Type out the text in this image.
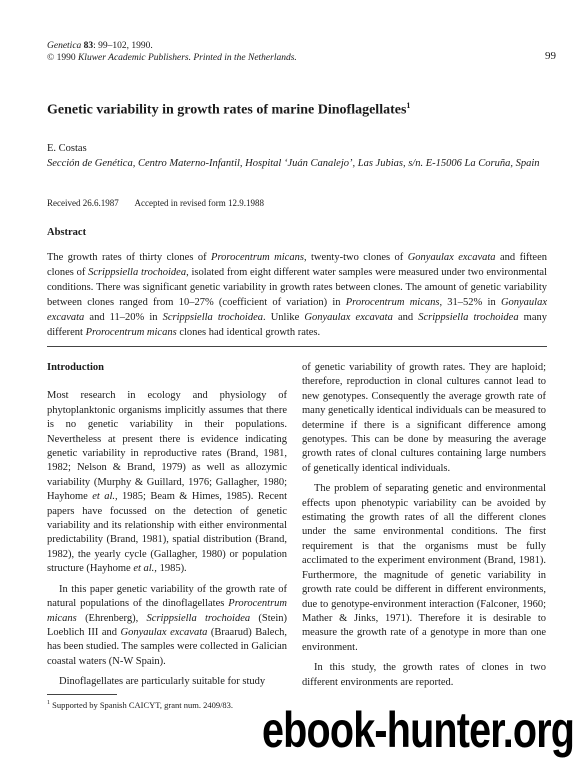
Genetica 83: 99–102, 1990.
© 1990 Kluwer Academic Publishers. Printed in the Netherlands.	99
Genetic variability in growth rates of marine Dinoflagellates$^1$
E. Costas
Sección de Genética, Centro Materno-Infantil, Hospital ‘Juán Canalejo’, Las Jubias, s/n. E-15006 La Coruña, Spain
Received 26.6.1987 Accepted in revised form 12.9.1988
Abstract
The growth rates of thirty clones of Prorocentrum micans, twenty-two clones of Gonyaulax excavata and fifteen clones of Scrippsiella trochoidea, isolated from eight different water samples were measured under two environmental conditions. There was significant genetic variability in growth rates between clones. The amount of genetic variability between clones ranged from 10–27% (coefficient of variation) in Prorocentrum micans, 31–52% in Gonyaulax excavata and 11–20% in Scrippsiella trochoidea. Unlike Gonyaulax excavata and Scrippsiella trochoidea many different Prorocentrum micans clones had identical growth rates.
Introduction

Most research in ecology and physiology of phytoplanktonic organisms implicitly assumes that there is no genetic variability in their populations. Nevertheless at present there is evidence indicating genetic variability in reproductive rates (Brand, 1981, 1982; Nelson & Brand, 1979) as well as allozymic variability (Murphy & Guillard, 1976; Gallagher, 1980; Hayhome et al., 1985; Beam & Himes, 1985). Recent papers have focussed on the detection of genetic variability and its relationship with either environmental predictability (Brand, 1981), spatial distribution (Brand, 1982), the yearly cycle (Gallagher, 1980) or population structure (Hayhome et al., 1985).

In this paper genetic variability of the growth rate of natural populations of the dinoflagellates Prorocentrum micans (Ehrenberg), Scrippsiella trochoidea (Stein) Loeblich III and Gonyaulax excavata (Braarud) Balech, has been studied. The samples were collected in Galician coastal waters (N-W Spain).

Dinoflagellates are particularly suitable for study

of genetic variability of growth rates. They are haploid; therefore, reproduction in clonal cultures cannot lead to new genotypes. Consequently the average growth rate of many genetically identical individuals can be measured to determine if there is a significant difference among genotypes. This can be done by measuring the average growth rates of clonal cultures containing large numbers of genetically identical individuals.

The problem of separating genetic and environmental effects upon phenotypic variability can be avoided by estimating the growth rates of all the different clones under the same environmental conditions. The first requirement is that the organisms must be fully acclimated to the experiment environment (Brand, 1981). Furthermore, the magnitude of genetic variability in growth rate could be different in different environments, due to genotype-environment interaction (Falconer, 1960; Mather & Jinks, 1971). Therefore it is desirable to measure the growth rate of a genotype in more than one environment.

In this study, the growth rates of clones in two different environments are reported.

$^1$ Supported by Spanish CAICYT, grant num. 2409/83. ebook-hunter.org
